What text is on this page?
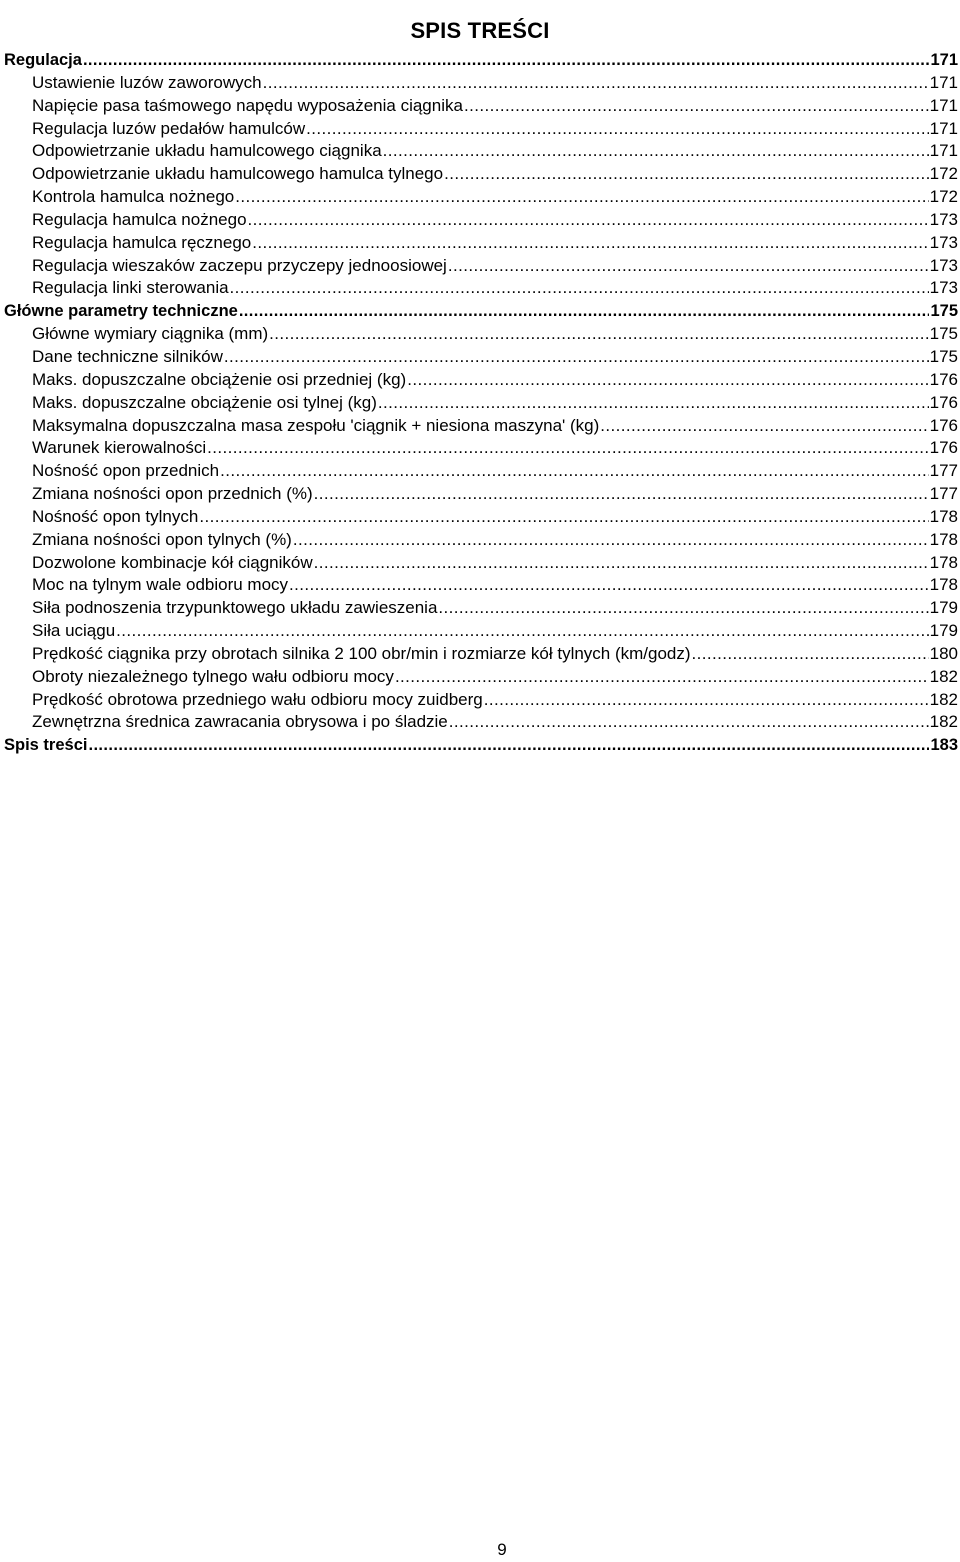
SPIS TREŚCI
Regulacja .....	171
Ustawienie luzów zaworowych .....	171
Napięcie pasa taśmowego napędu wyposażenia ciągnika .....	171
Regulacja luzów pedałów hamulców .....	171
Odpowietrzanie układu hamulcowego ciągnika .....	171
Odpowietrzanie układu hamulcowego hamulca tylnego .....	172
Kontrola hamulca nożnego .....	172
Regulacja hamulca nożnego .....	173
Regulacja hamulca ręcznego .....	173
Regulacja wieszaków zaczepu przyczepy jednoosiowej .....	173
Regulacja linki sterowania .....	173
Główne parametry techniczne .....	175
Główne wymiary ciągnika (mm) .....	175
Dane techniczne silników .....	175
Maks. dopuszczalne obciążenie osi przedniej (kg) .....	176
Maks. dopuszczalne obciążenie osi tylnej (kg) .....	176
Maksymalna dopuszczalna masa zespołu 'ciągnik + niesiona maszyna' (kg) .....	176
Warunek kierowalności .....	176
Nośność opon przednich .....	177
Zmiana nośności opon przednich (%) .....	177
Nośność opon tylnych .....	178
Zmiana nośności opon tylnych (%) .....	178
Dozwolone kombinacje kół ciągników .....	178
Moc na tylnym wale odbioru mocy .....	178
Siła podnoszenia trzypunktowego układu zawieszenia .....	179
Siła uciągu .....	179
Prędkość ciągnika przy obrotach silnika 2 100 obr/min i rozmiarze kół tylnych (km/godz) .....	180
Obroty niezależnego tylnego wału odbioru mocy .....	182
Prędkość obrotowa przedniego wału odbioru mocy zuidberg .....	182
Zewnętrzna średnica zawracania obrysowa i po śladzie .....	182
Spis treści .....	183
9
